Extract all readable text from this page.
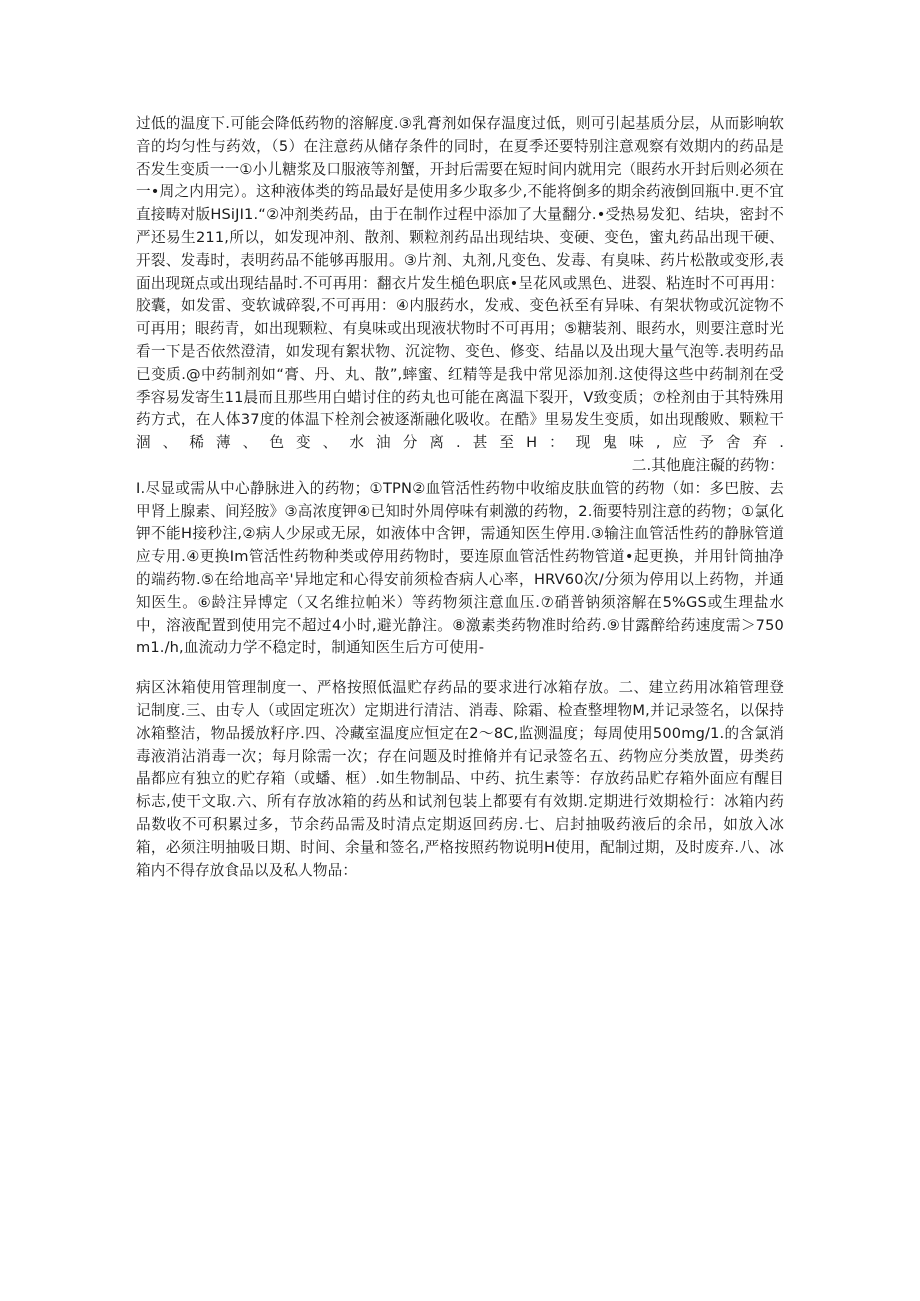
过低的温度下.可能会降低药物的溶解度.③乳膏剂如保存温度过低，则可引起基质分层，从而影响软音的均匀性与药效，（5）在注意药从储存条件的同时，在夏季还要特别注意观察有效期内的药品是否发生变质一一①小儿糖浆及口服液等剂蟹，开封后需要在短时间内就用完（眼药水开封后则必须在一•周之内用完）。这种液体类的筠品最好是使用多少取多少,不能将倒多的期余药液倒回瓶中.更不宜直接畴对版HSiJI1.“②冲剂类药品，由于在制作过程中添加了大量翻分.•受热易发犯、结块，密封不严还易生211,所以，如发现冲剂、散剂、颗粒剂药品出现结块、变硬、变色，蜜丸药品出现干硬、开裂、发毒时，表明药品不能够再服用。③片剂、丸剂,凡变色、发毒、有臭味、药片松散或变形,表面出现斑点或出现结晶时.不可再用：翻衣片发生槌色职底•呈花风或黑色、进裂、粘连时不可再用：胶囊，如发雷、变软诚碎裂,不可再用：④内服药水，发戒、变色袄至有异味、有架状物或沉淀物不可再用；眼药青，如出现颗粒、有臭味或出现液状物时不可再用；⑤糖装剂、眼药水，则要注意时光看一下是否依然澄清，如发现有絮状物、沉淀物、变色、修变、结晶以及出现大量气泡等.表明药品已变质.@中药制剂如“膏、丹、丸、散”,蟀蜜、红精等是我中常见添加剂.这使得这些中药制剂在受季容易发寄生11晨而且那些用白蜡讨住的药丸也可能在离温下裂开，V致变质；⑦栓剂由于其特殊用药方式，在人体37度的体温下栓剂会被逐渐融化吸收。在酷》里易发生变质，如出现酸败、颗粒干涸、稀薄、色变、水油分离.甚至H：现鬼味,应予舍弃.二.其他鹿注礙的药物：

I.尽显或需从中心静脉进入的药物；①TPN②血管活性药物中收缩皮肤血管的药物（如：多巴胺、去甲肾上腺素、间羟胺》③高浓度钾④已知时外周停味有刺激的药物，2.衙要特别注意的药物；①氯化钾不能H接秒注,②病人少尿或无尿，如液体中含钾，需通知医生停用.③输注血管活性药的静脉管道应专用.④更换Im管活性药物种类或停用药物时，要连原血管活性药物管道•起更换，并用针筒抽净的端药物.⑤在给地高辛'异地定和心得安前须检杳病人心率，HRV60次/分须为停用以上药物，并通知医生。⑥龄注异博定（又名维拉帕米）等药物须注意血压.⑦硝普钠须溶解在5%GS或生理盐水中，溶液配置到使用完不超过4小时,避光静注。⑧激素类药物准时给药.⑨甘露醉给药速度需＞750m1.∕h,血流动力学不稳定时，制通知医生后方可使用-

病区沐箱使用管理制度一、严格按照低温贮存药品的要求进行冰箱存放。二、建立药用冰箱管理登记制度.三、由专人（或固定班次）定期进行清洁、消毒、除霜、检查整埋物M,并记录签名，以保持冰箱整洁，物品援放籽序.四、冷藏室温度应恒定在2〜8C,监测温度；每周使用500mg∕1.的含氯消毒液消沾消毒一次；每月除需一次；存在问题及时推脩并有记录签名五、药物应分类放置，毋类药晶都应有独立的贮存箱（或蟠、框）.如生物制品、中药、抗生素等：存放药品贮存箱外面应有醒目标志,使干文取.六、所有存放冰箱的药丛和试剂包装上都要有有效期.定期进行效期检行：冰箱内药品数收不可积累过多，节余药品需及时清点定期返回药房.七、启封抽吸药液后的余吊，如放入冰箱，必须注明抽吸日期、时间、余量和签名,严格按照药物说明H使用，配制过期，及时废弃.八、冰箱内不得存放食品以及私人物品：
